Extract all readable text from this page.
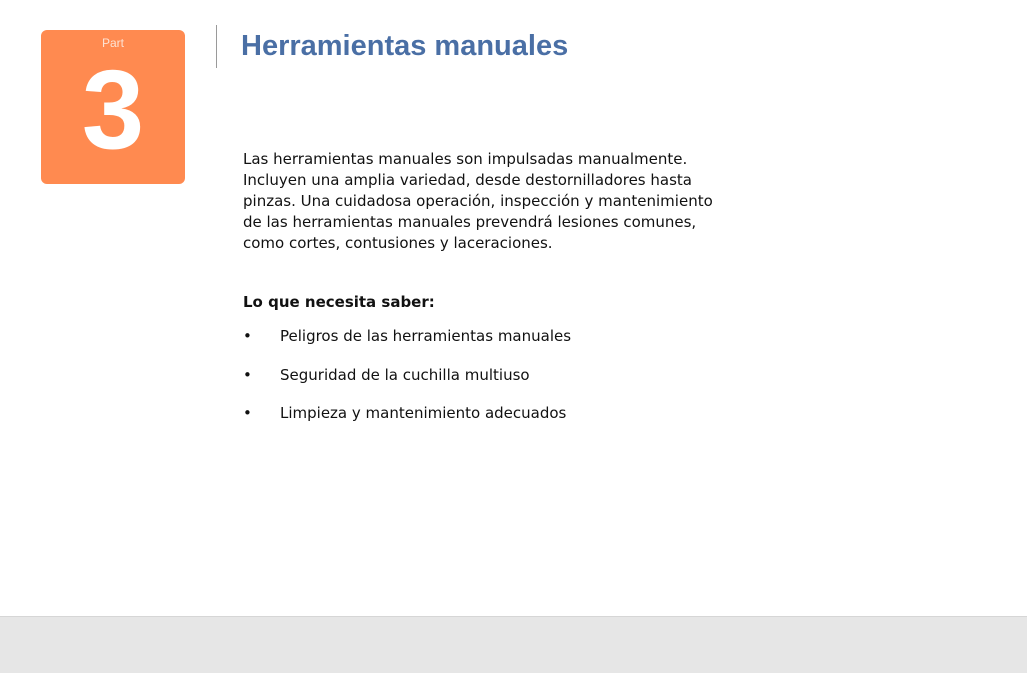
Part
3
Herramientas manuales

Las herramientas manuales son impulsadas manualmente. Incluyen una amplia variedad, desde destornilladores hasta pinzas. Una cuidadosa operación, inspección y mantenimiento de las herramientas manuales prevendrá lesiones comunes, como cortes, contusiones y laceraciones.

Lo que necesita saber:

• Peligros de las herramientas manuales
• Seguridad de la cuchilla multiuso
• Limpieza y mantenimiento adecuados
